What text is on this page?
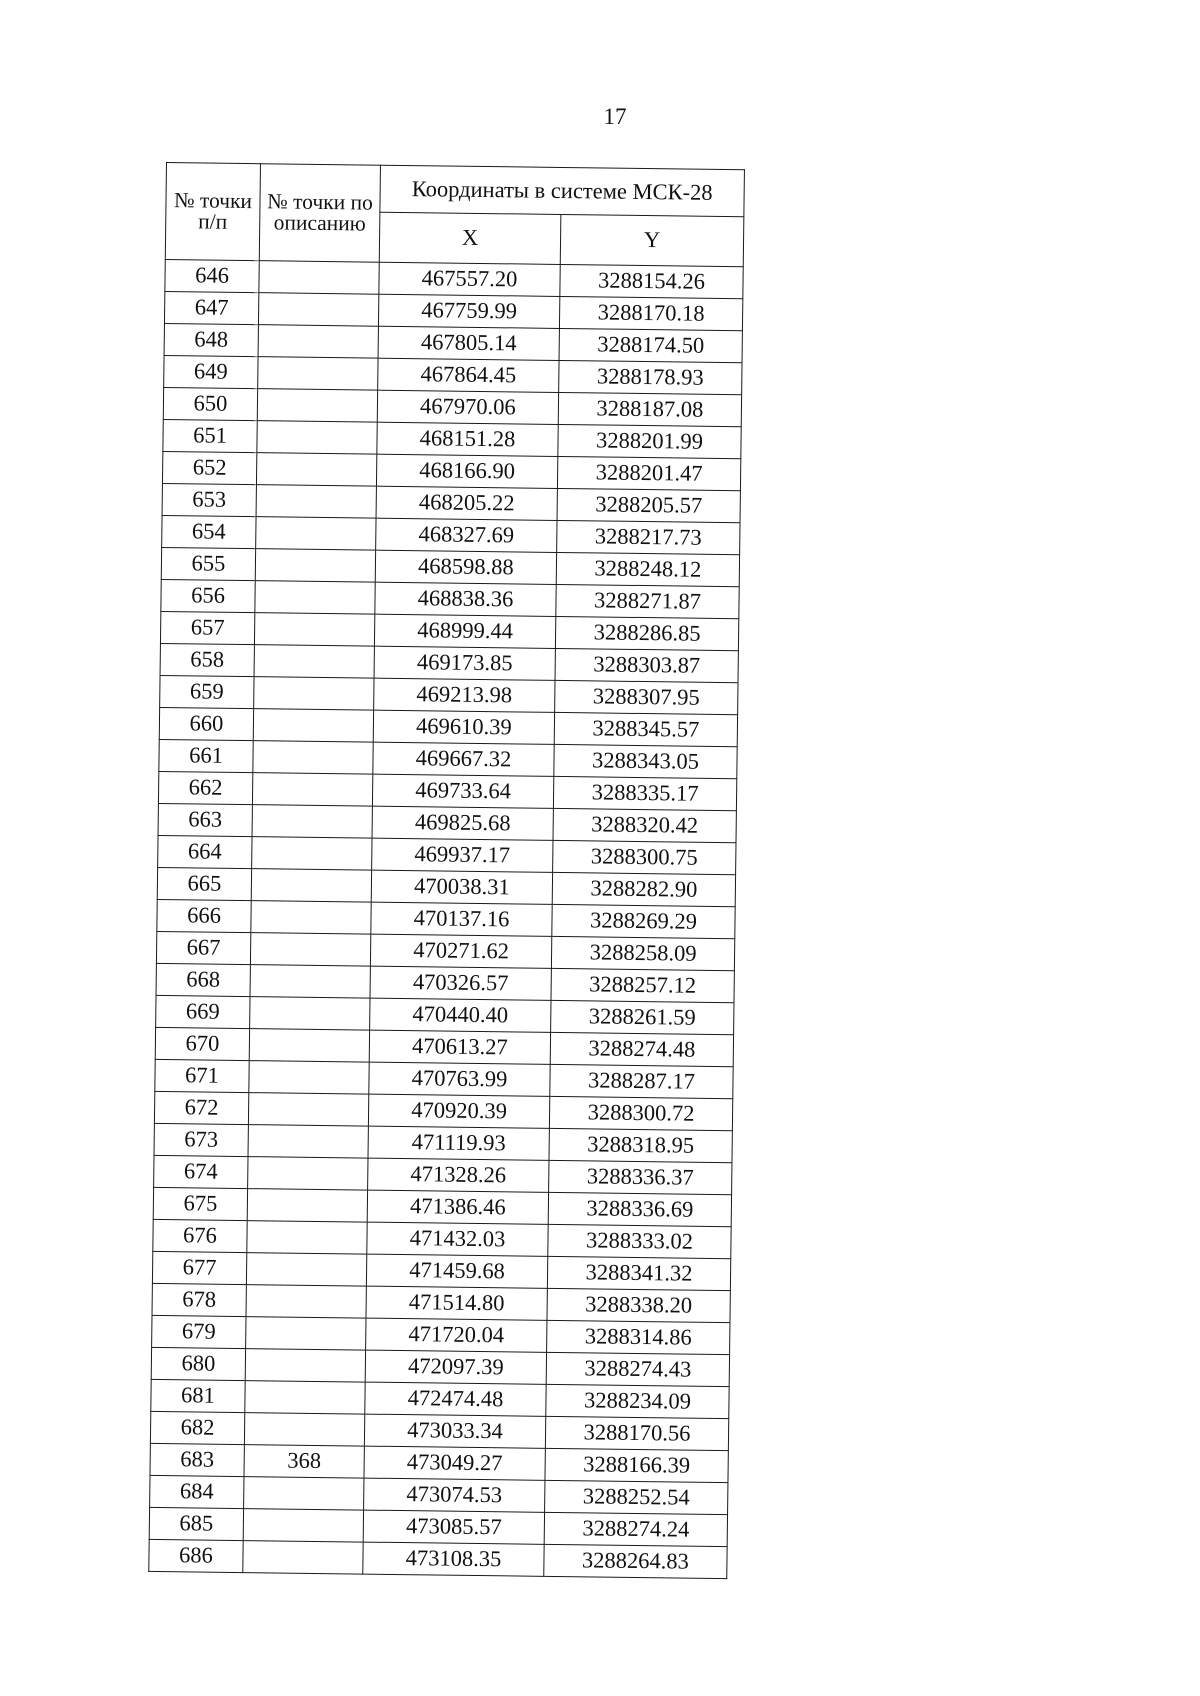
17
№ точки п/п	№ точки по описанию	Координаты в системе МСК-28	
		X	Y
646		467557.20	3288154.26
647		467759.99	3288170.18
648		467805.14	3288174.50
649		467864.45	3288178.93
650		467970.06	3288187.08
651		468151.28	3288201.99
652		468166.90	3288201.47
653		468205.22	3288205.57
654		468327.69	3288217.73
655		468598.88	3288248.12
656		468838.36	3288271.87
657		468999.44	3288286.85
658		469173.85	3288303.87
659		469213.98	3288307.95
660		469610.39	3288345.57
661		469667.32	3288343.05
662		469733.64	3288335.17
663		469825.68	3288320.42
664		469937.17	3288300.75
665		470038.31	3288282.90
666		470137.16	3288269.29
667		470271.62	3288258.09
668		470326.57	3288257.12
669		470440.40	3288261.59
670		470613.27	3288274.48
671		470763.99	3288287.17
672		470920.39	3288300.72
673		471119.93	3288318.95
674		471328.26	3288336.37
675		471386.46	3288336.69
676		471432.03	3288333.02
677		471459.68	3288341.32
678		471514.80	3288338.20
679		471720.04	3288314.86
680		472097.39	3288274.43
681		472474.48	3288234.09
682		473033.34	3288170.56
683	368	473049.27	3288166.39
684		473074.53	3288252.54
685		473085.57	3288274.24
686		473108.35	3288264.83
